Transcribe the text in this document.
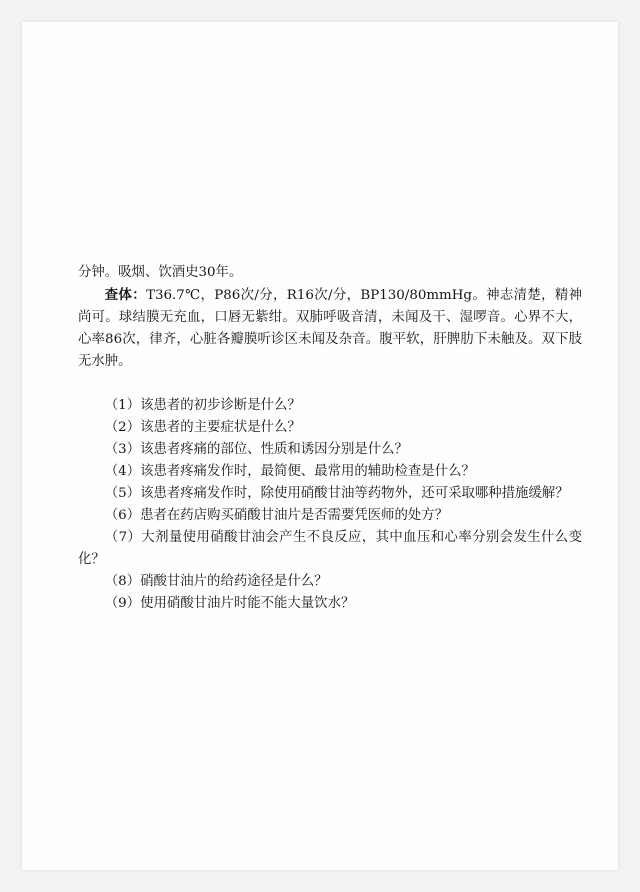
分钟。吸烟、饮酒史30年。

查体：T36.7℃，P86次/分，R16次/分，BP130/80mmHg。神志清楚，精神尚可。球结膜无充血，口唇无紫绀。双肺呼吸音清，未闻及干、湿啰音。心界不大，心率86次，律齐，心脏各瓣膜听诊区未闻及杂音。腹平软，肝脾肋下未触及。双下肢无水肿。

（1）该患者的初步诊断是什么？

（2）该患者的主要症状是什么？

（3）该患者疼痛的部位、性质和诱因分别是什么？

（4）该患者疼痛发作时，最简便、最常用的辅助检查是什么？

（5）该患者疼痛发作时，除使用硝酸甘油等药物外，还可采取哪种措施缓解？

（6）患者在药店购买硝酸甘油片是否需要凭医师的处方？

（7）大剂量使用硝酸甘油会产生不良反应，其中血压和心率分别会发生什么变化？

（8）硝酸甘油片的给药途径是什么？

（9）使用硝酸甘油片时能不能大量饮水？
